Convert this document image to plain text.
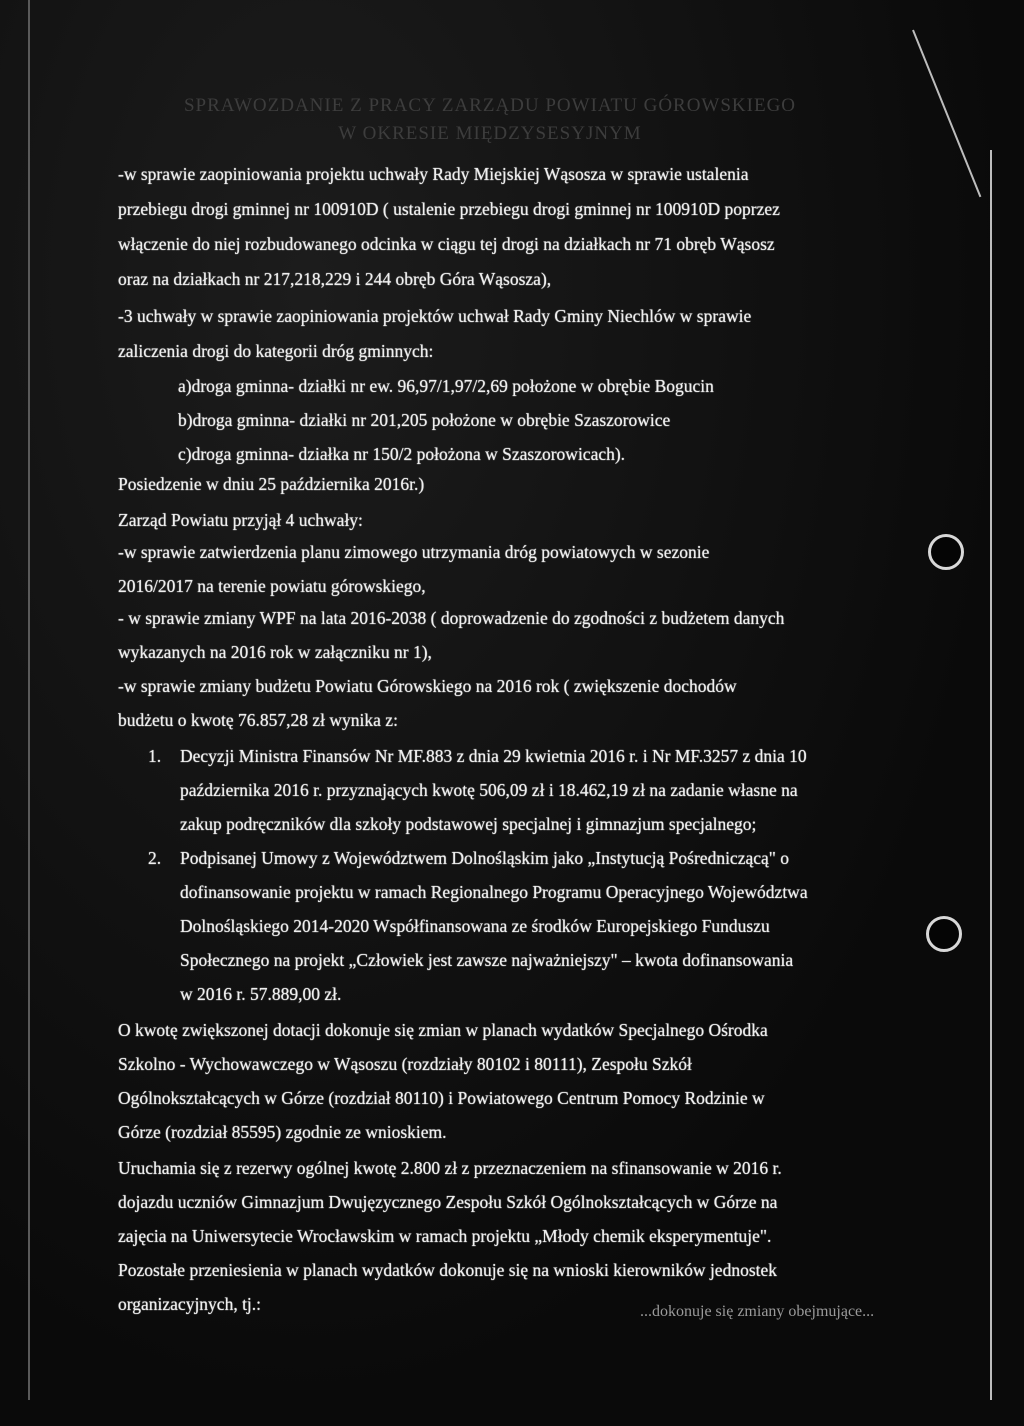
SPRAWOZDANIE Z PRACY ZARZĄDU POWIATU GÓROWSKIEGO
W OKRESIE MIĘDZYSESYJNYM
-w sprawie zaopiniowania projektu uchwały Rady Miejskiej Wąsosza w sprawie ustalenia
przebiegu drogi gminnej nr 100910D ( ustalenie przebiegu drogi gminnej nr 100910D poprzez
włączenie do niej rozbudowanego odcinka w ciągu tej drogi na działkach nr 71 obręb Wąsosz
oraz na działkach nr 217,218,229 i 244 obręb Góra Wąsosza),
-3 uchwały w sprawie zaopiniowania projektów uchwał Rady Gminy Niechlów w sprawie
zaliczenia drogi do kategorii dróg gminnych:
a)droga gminna- działki nr ew. 96,97/1,97/2,69 położone w obrębie Bogucin
b)droga gminna- działki nr 201,205 położone w obrębie Szaszorowice
c)droga gminna- działka nr 150/2 położona w Szaszorowicach).
Posiedzenie w dniu 25 października 2016r.)
Zarząd Powiatu przyjął 4 uchwały:
-w sprawie zatwierdzenia planu zimowego utrzymania dróg powiatowych w sezonie
2016/2017 na terenie powiatu górowskiego,
- w sprawie zmiany WPF na lata 2016-2038 ( doprowadzenie do zgodności z budżetem danych
wykazanych na 2016 rok w załączniku nr 1),
-w sprawie zmiany budżetu Powiatu Górowskiego na 2016 rok ( zwiększenie dochodów
budżetu o kwotę 76.857,28 zł wynika z:
1. Decyzji Ministra Finansów Nr MF.883 z dnia 29 kwietnia 2016 r. i Nr MF.3257 z dnia 10
października 2016 r. przyznających kwotę 506,09 zł i 18.462,19 zł na zadanie własne na
zakup podręczników dla szkoły podstawowej specjalnej i gimnazjum specjalnego;
2. Podpisanej Umowy z Województwem Dolnośląskim jako „Instytucją Pośredniczącą" o
dofinansowanie projektu w ramach Regionalnego Programu Operacyjnego Województwa
Dolnośląskiego 2014-2020 Współfinansowana ze środków Europejskiego Funduszu
Społecznego na projekt „Człowiek jest zawsze najważniejszy" – kwota dofinansowania
w 2016 r. 57.889,00 zł.
O kwotę zwiększonej dotacji dokonuje się zmian w planach wydatków Specjalnego Ośrodka
Szkolno - Wychowawczego w Wąsoszu (rozdziały 80102 i 80111), Zespołu Szkół
Ogólnokształcących w Górze (rozdział 80110) i Powiatowego Centrum Pomocy Rodzinie w
Górze (rozdział 85595) zgodnie ze wnioskiem.
Uruchamia się z rezerwy ogólnej kwotę 2.800 zł z przeznaczeniem na sfinansowanie w 2016 r.
dojazdu uczniów Gimnazjum Dwujęzycznego Zespołu Szkół Ogólnokształcących w Górze na
zajęcia na Uniwersytecie Wrocławskim w ramach projektu „Młody chemik eksperymentuje".
Pozostałe przeniesienia w planach wydatków dokonuje się na wnioski kierowników jednostek
organizacyjnych, tj.:	...dokonuje się zmiany obejmujące...
